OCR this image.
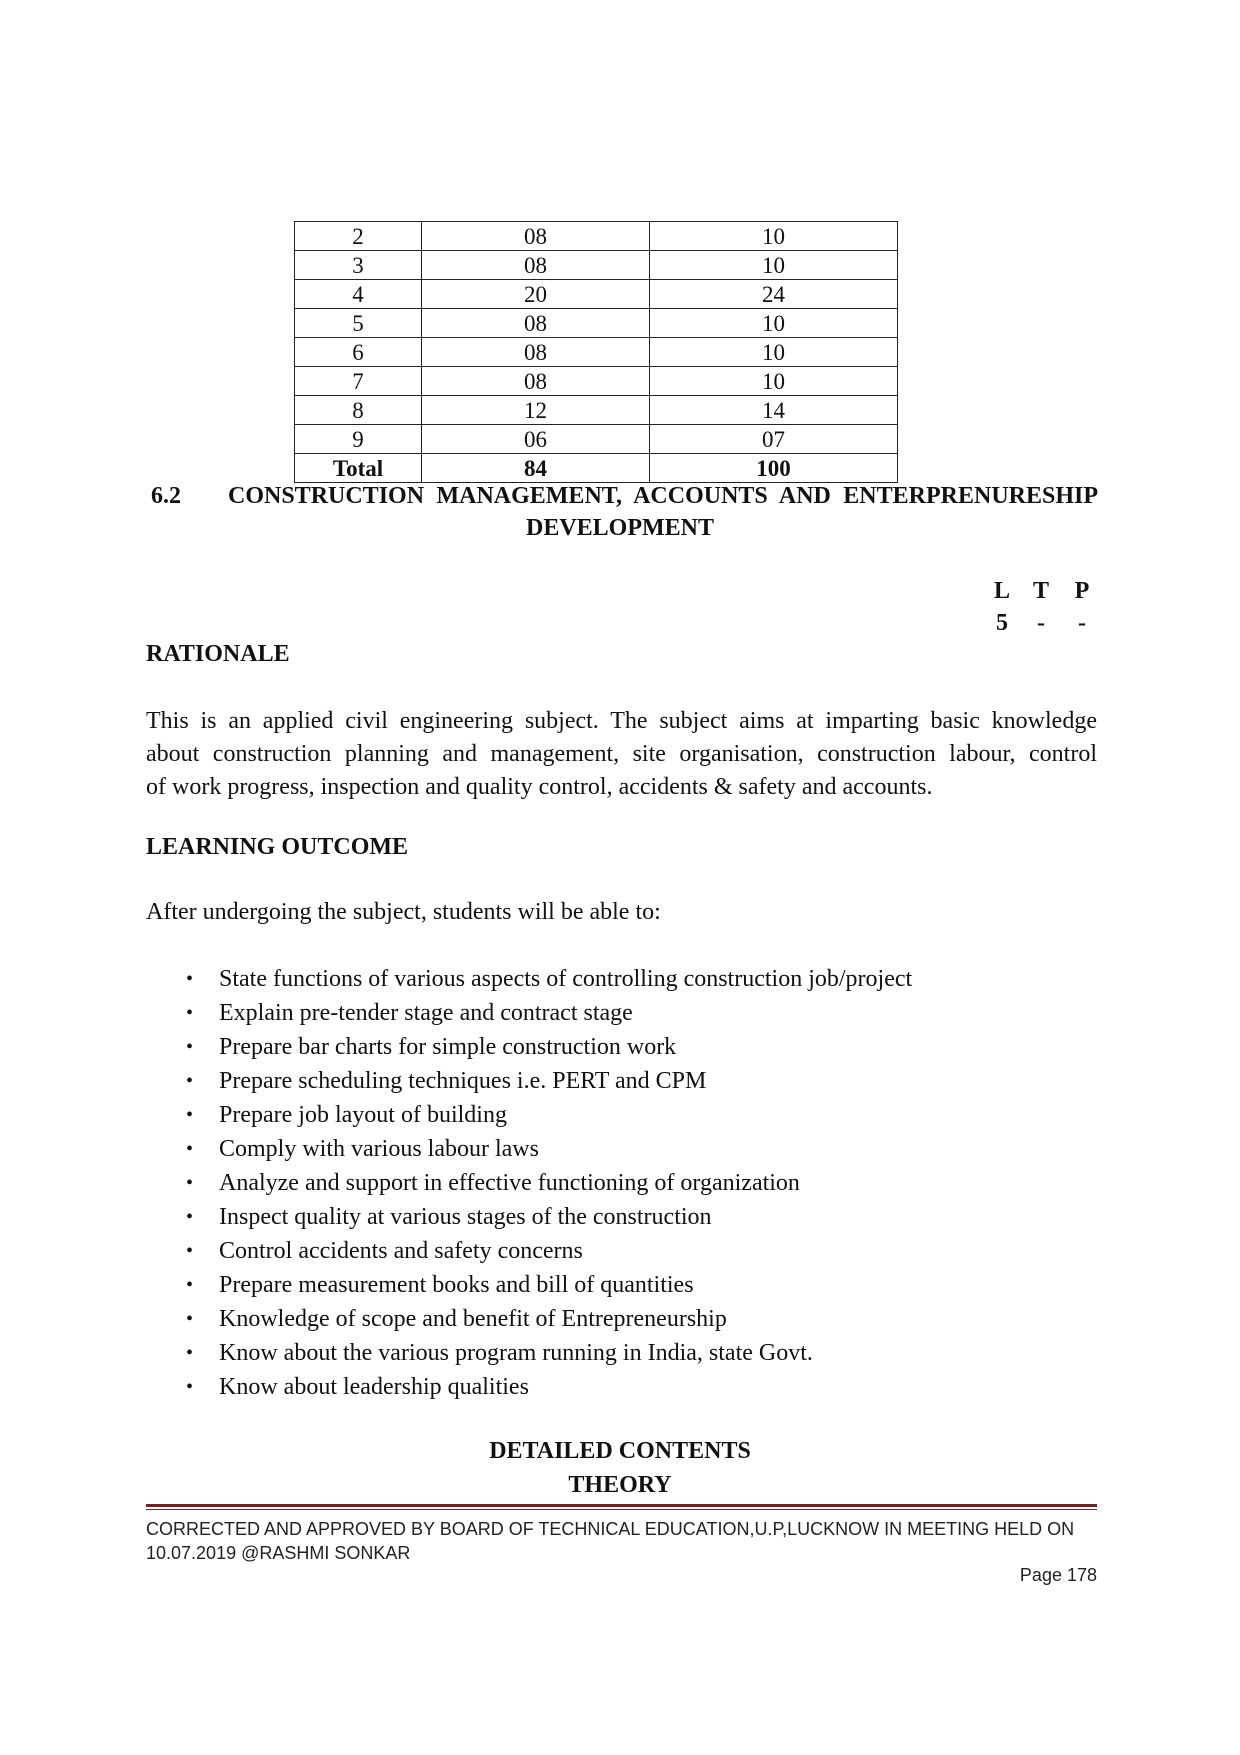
2	08	10
3	08	10
4	20	24
5	08	10
6	08	10
7	08	10
8	12	14
9	06	07
Total	84	100
6.2 CONSTRUCTION MANAGEMENT, ACCOUNTS AND ENTERPRENURESHIP
DEVELOPMENT
L T P
5 - -
RATIONALE
This is an applied civil engineering subject. The subject aims at imparting basic knowledge
about construction planning and management, site organisation, construction labour, control
of work progress, inspection and quality control, accidents & safety and accounts.
LEARNING OUTCOME
After undergoing the subject, students will be able to:
• State functions of various aspects of controlling construction job/project
• Explain pre-tender stage and contract stage
• Prepare bar charts for simple construction work
• Prepare scheduling techniques i.e. PERT and CPM
• Prepare job layout of building
• Comply with various labour laws
• Analyze and support in effective functioning of organization
• Inspect quality at various stages of the construction
• Control accidents and safety concerns
• Prepare measurement books and bill of quantities
• Knowledge of scope and benefit of Entrepreneurship
• Know about the various program running in India, state Govt.
• Know about leadership qualities
DETAILED CONTENTS
THEORY
CORRECTED AND APPROVED BY BOARD OF TECHNICAL EDUCATION,U.P,LUCKNOW IN MEETING HELD ON
10.07.2019 @RASHMI SONKAR
Page 178
